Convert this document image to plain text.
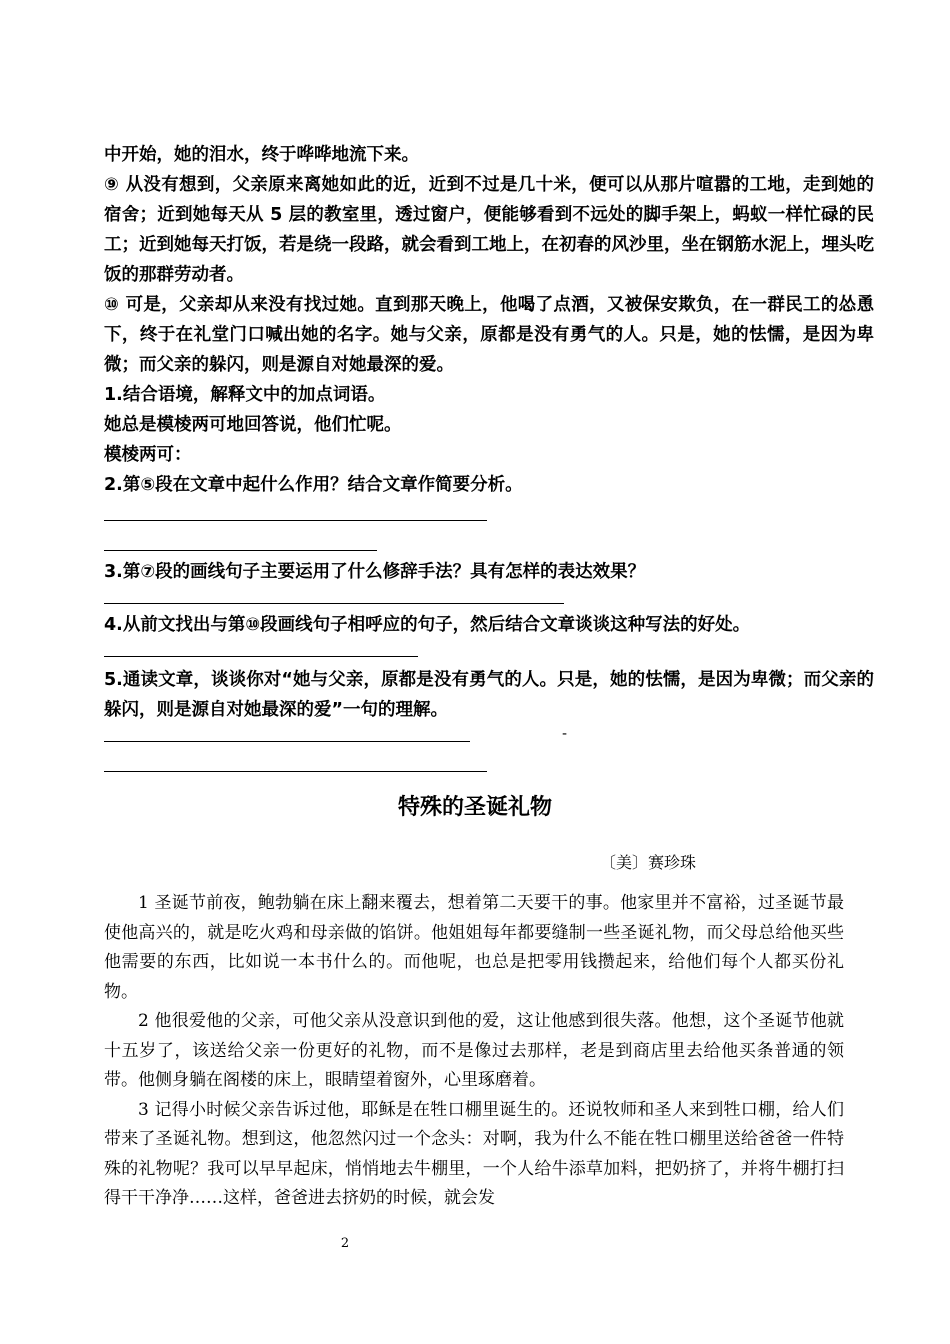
中开始，她的泪水，终于哗哗地流下来。

⑨ 从没有想到，父亲原来离她如此的近，近到不过是几十米，便可以从那片喧嚣的工地，走到她的宿舍；近到她每天从 5 层的教室里，透过窗户，便能够看到不远处的脚手架上，蚂蚁一样忙碌的民工；近到她每天打饭，若是绕一段路，就会看到工地上，在初春的风沙里，坐在钢筋水泥上，埋头吃饭的那群劳动者。

⑩ 可是，父亲却从来没有找过她。直到那天晚上，他喝了点酒，又被保安欺负，在一群民工的怂恿下，终于在礼堂门口喊出她的名字。她与父亲，原都是没有勇气的人。只是，她的怯懦，是因为卑微；而父亲的躲闪，则是源自对她最深的爱。

1.结合语境，解释文中的加点词语。

她总是模棱两可地回答说，他们忙呢。

模棱两可：

2.第⑤段在文章中起什么作用？结合文章作简要分析。

3.第⑦段的画线句子主要运用了什么修辞手法？具有怎样的表达效果？

4.从前文找出与第⑩段画线句子相呼应的句子，然后结合文章谈谈这种写法的好处。

5.通读文章，谈谈你对“她与父亲，原都是没有勇气的人。只是，她的怯懦，是因为卑微；而父亲的躲闪，则是源自对她最深的爱”一句的理解。

-
特殊的圣诞礼物
〔美〕赛珍珠

1 圣诞节前夜，鲍勃躺在床上翻来覆去，想着第二天要干的事。他家里并不富裕，过圣诞节最使他高兴的，就是吃火鸡和母亲做的馅饼。他姐姐每年都要缝制一些圣诞礼物，而父母总给他买些他需要的东西，比如说一本书什么的。而他呢，也总是把零用钱攒起来，给他们每个人都买份礼物。

2 他很爱他的父亲，可他父亲从没意识到他的爱，这让他感到很失落。他想，这个圣诞节他就十五岁了，该送给父亲一份更好的礼物，而不是像过去那样，老是到商店里去给他买条普通的领带。他侧身躺在阁楼的床上，眼睛望着窗外，心里琢磨着。

3 记得小时候父亲告诉过他，耶稣是在牲口棚里诞生的。还说牧师和圣人来到牲口棚，给人们带来了圣诞礼物。想到这，他忽然闪过一个念头：对啊，我为什么不能在牲口棚里送给爸爸一件特殊的礼物呢？我可以早早起床，悄悄地去牛棚里，一个人给牛添草加料，把奶挤了，并将牛棚打扫得干干净净……这样，爸爸进去挤奶的时候，就会发

2
